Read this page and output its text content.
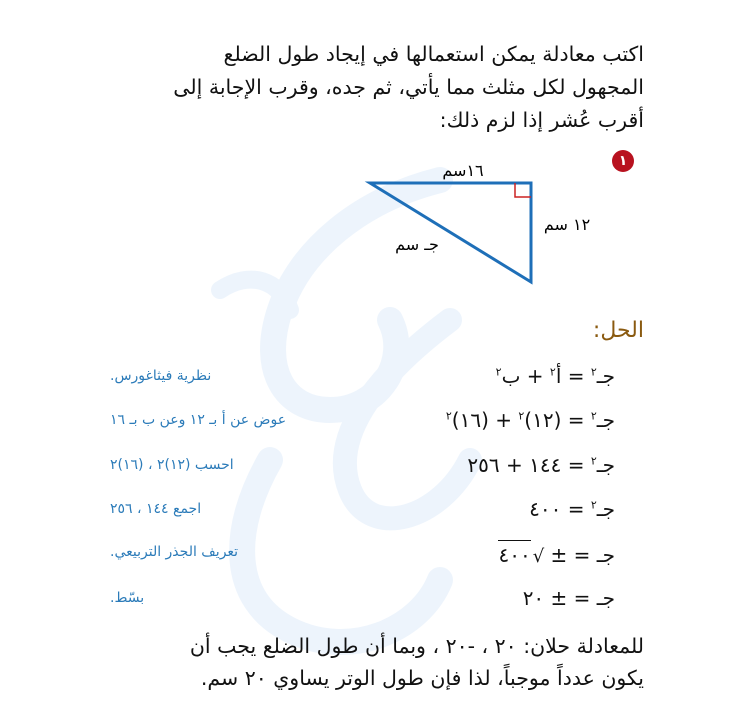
اكتب معادلة يمكن استعمالها في إيجاد طول الضلع

المجهول لكل مثلث مما يأتي، ثم جده، وقرب الإجابة إلى

أقرب عُشر إذا لزم ذلك:

١
١٦سم
١٢ سم
جـ سم
الحل:
جـ$^٢$ = أ$^٢$ + ب$^٢$
نظرية فيثاغورس.
جـ$^٢$ = (١٢)$^٢$ + (١٦)$^٢$
عوض عن أ بـ ١٢ وعن ب بـ ١٦
جـ$^٢$ = ١٤٤ + ٢٥٦
احسب (١٢)٢ ، (١٦)٢
جـ$^٢$ = ٤٠٠
اجمع ١٤٤ ، ٢٥٦
جـ = ± √٤٠٠
تعريف الجذر التربيعي.
جـ = ± ٢٠
بسّط.
للمعادلة حلان: ٢٠ ، -٢٠ ، وبما أن طول الضلع يجب أن
يكون عدداً موجباً، لذا فإن طول الوتر يساوي ٢٠ سم.
